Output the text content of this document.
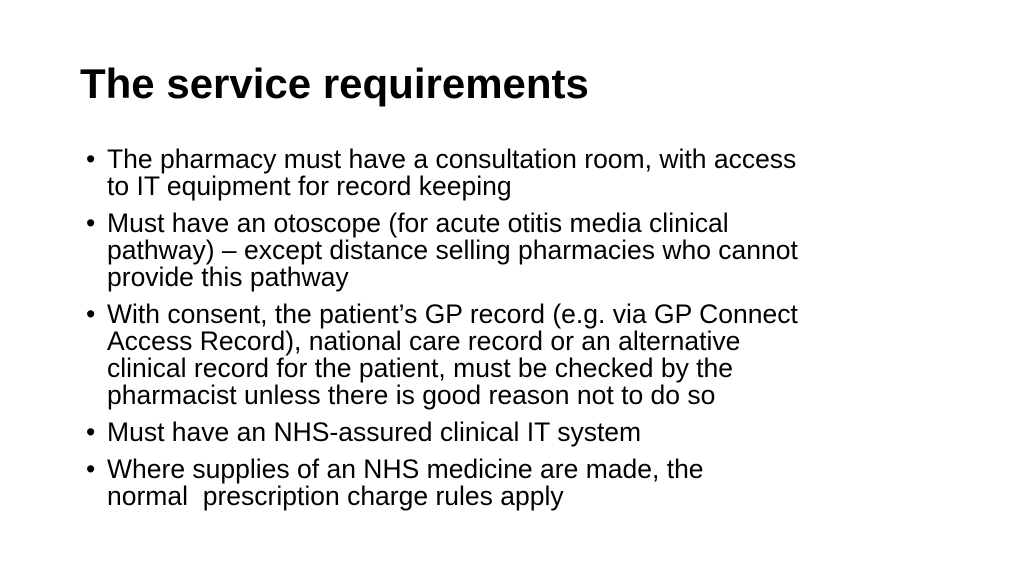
The service requirements
• The pharmacy must have a consultation room, with access
to IT equipment for record keeping
• Must have an otoscope (for acute otitis media clinical
pathway) – except distance selling pharmacies who cannot
provide this pathway
• With consent, the patient’s GP record (e.g. via GP Connect
Access Record), national care record or an alternative
clinical record for the patient, must be checked by the
pharmacist unless there is good reason not to do so
• Must have an NHS-assured clinical IT system
• Where supplies of an NHS medicine are made, the
normal  prescription charge rules apply
